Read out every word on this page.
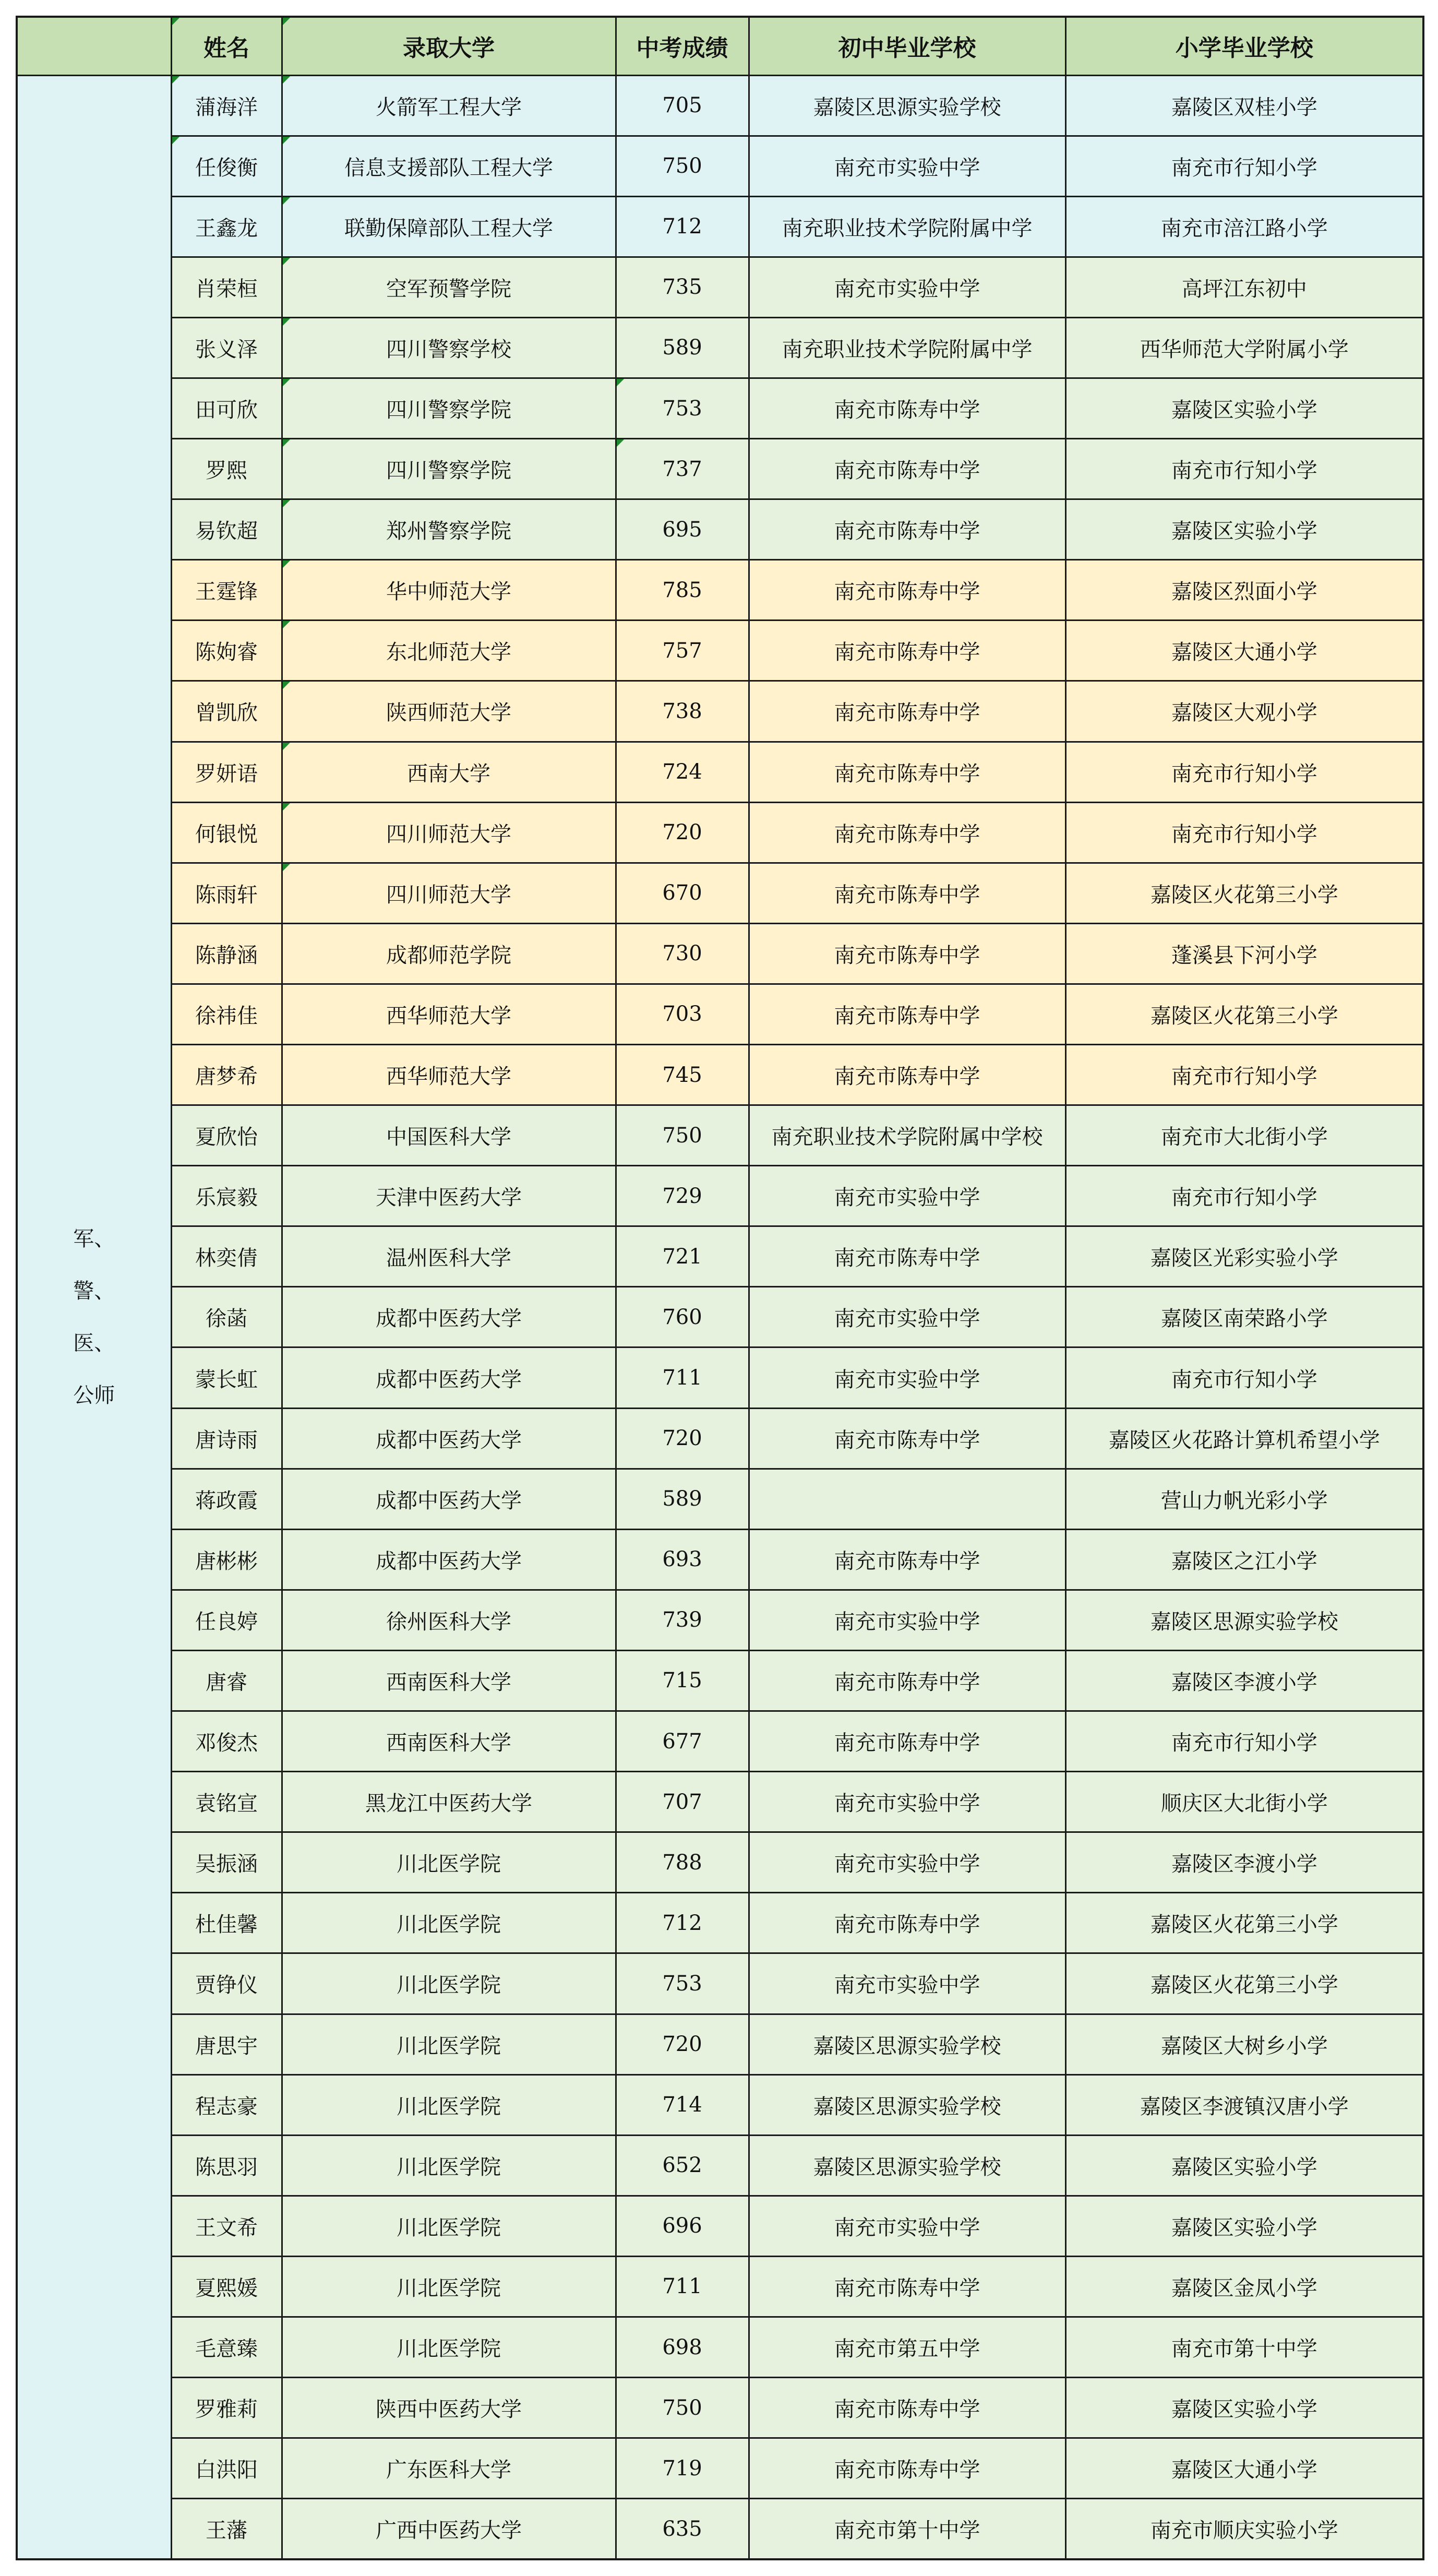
	姓名	录取大学	中考成绩	初中毕业学校	小学毕业学校

军、
警、
医、
公师	蒲海洋	火箭军工程大学	705	嘉陵区思源实验学校	嘉陵区双桂小学
	任俊衡	信息支援部队工程大学	750	南充市实验中学	南充市行知小学
	王鑫龙	联勤保障部队工程大学	712	南充职业技术学院附属中学	南充市涪江路小学
	肖荣桓	空军预警学院	735	南充市实验中学	高坪江东初中
	张义泽	四川警察学校	589	南充职业技术学院附属中学	西华师范大学附属小学
	田可欣	四川警察学院	753	南充市陈寿中学	嘉陵区实验小学
	罗熙	四川警察学院	737	南充市陈寿中学	南充市行知小学
	易钦超	郑州警察学院	695	南充市陈寿中学	嘉陵区实验小学
	王霆锋	华中师范大学	785	南充市陈寿中学	嘉陵区烈面小学
	陈姁睿	东北师范大学	757	南充市陈寿中学	嘉陵区大通小学
	曾凯欣	陕西师范大学	738	南充市陈寿中学	嘉陵区大观小学
	罗妍语	西南大学	724	南充市陈寿中学	南充市行知小学
	何银悦	四川师范大学	720	南充市陈寿中学	南充市行知小学
	陈雨轩	四川师范大学	670	南充市陈寿中学	嘉陵区火花第三小学
	陈静涵	成都师范学院	730	南充市陈寿中学	蓬溪县下河小学
	徐祎佳	西华师范大学	703	南充市陈寿中学	嘉陵区火花第三小学
	唐梦希	西华师范大学	745	南充市陈寿中学	南充市行知小学
	夏欣怡	中国医科大学	750	南充职业技术学院附属中学校	南充市大北街小学
	乐宸毅	天津中医药大学	729	南充市实验中学	南充市行知小学
	林奕倩	温州医科大学	721	南充市陈寿中学	嘉陵区光彩实验小学
	徐菡	成都中医药大学	760	南充市实验中学	嘉陵区南荣路小学
	蒙长虹	成都中医药大学	711	南充市实验中学	南充市行知小学
	唐诗雨	成都中医药大学	720	南充市陈寿中学	嘉陵区火花路计算机希望小学
	蒋政霞	成都中医药大学	589		营山力帆光彩小学
	唐彬彬	成都中医药大学	693	南充市陈寿中学	嘉陵区之江小学
	任良婷	徐州医科大学	739	南充市实验中学	嘉陵区思源实验学校
	唐睿	西南医科大学	715	南充市陈寿中学	嘉陵区李渡小学
	邓俊杰	西南医科大学	677	南充市陈寿中学	南充市行知小学
	袁铭宣	黑龙江中医药大学	707	南充市实验中学	顺庆区大北街小学
	吴振涵	川北医学院	788	南充市实验中学	嘉陵区李渡小学
	杜佳馨	川北医学院	712	南充市陈寿中学	嘉陵区火花第三小学
	贾铮仪	川北医学院	753	南充市实验中学	嘉陵区火花第三小学
	唐思宇	川北医学院	720	嘉陵区思源实验学校	嘉陵区大树乡小学
	程志豪	川北医学院	714	嘉陵区思源实验学校	嘉陵区李渡镇汉唐小学
	陈思羽	川北医学院	652	嘉陵区思源实验学校	嘉陵区实验小学
	王文希	川北医学院	696	南充市实验中学	嘉陵区实验小学
	夏熙媛	川北医学院	711	南充市陈寿中学	嘉陵区金凤小学
	毛意臻	川北医学院	698	南充市第五中学	南充市第十中学
	罗雅莉	陕西中医药大学	750	南充市陈寿中学	嘉陵区实验小学
	白洪阳	广东医科大学	719	南充市陈寿中学	嘉陵区大通小学
	王藩	广西中医药大学	635	南充市第十中学	南充市顺庆实验小学
